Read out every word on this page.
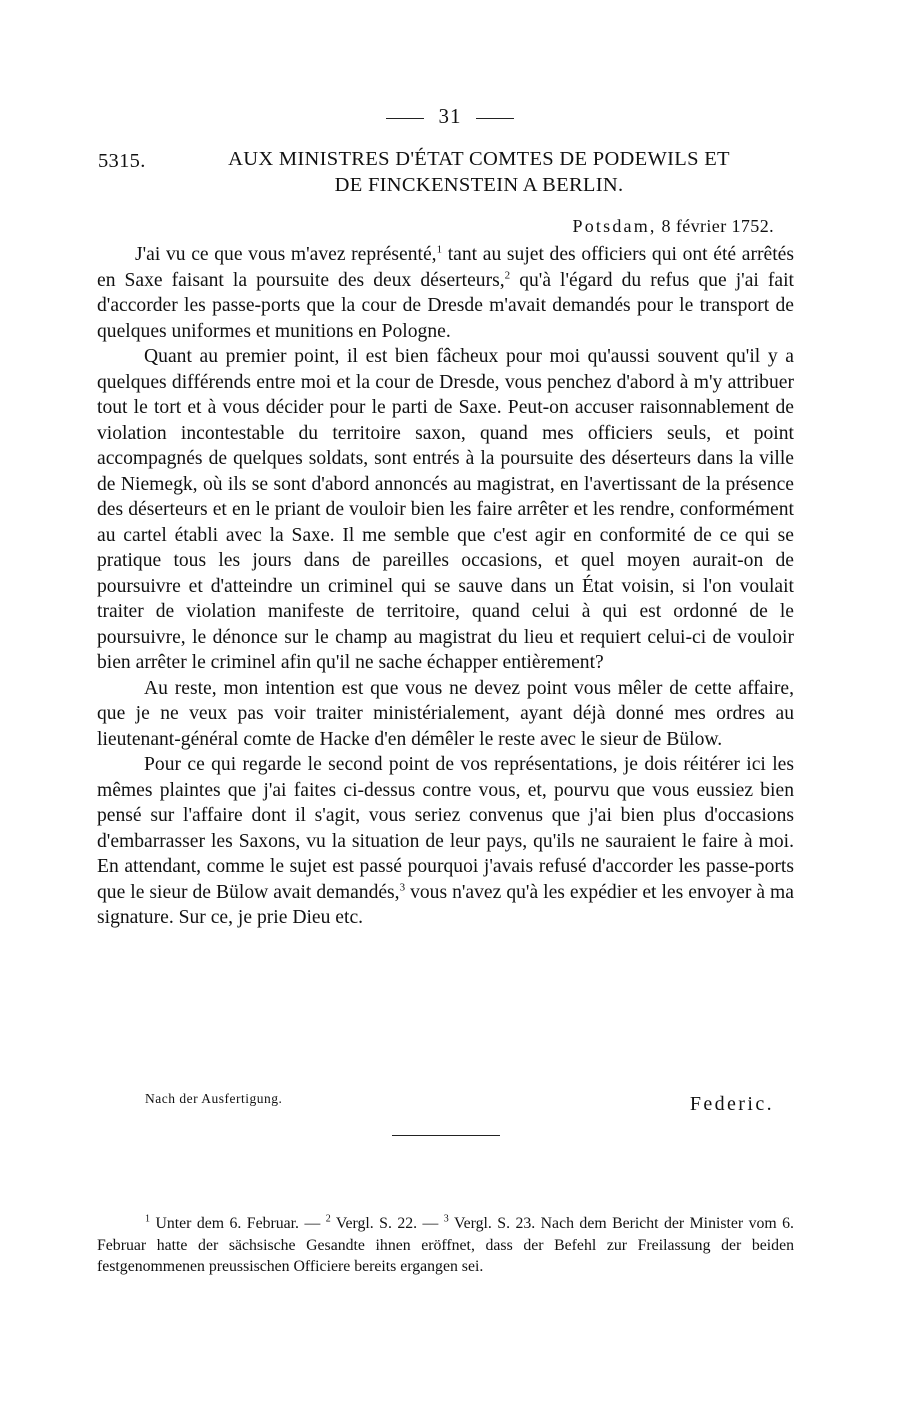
31
5315.	AUX MINISTRES D'ÉTAT COMTES DE PODEWILS ET
DE FINCKENSTEIN A BERLIN.
Potsdam, 8 février 1752.

J'ai vu ce que vous m'avez représenté,$^1$ tant au sujet des officiers qui ont été arrêtés en Saxe faisant la poursuite des deux déserteurs,$^2$ qu'à l'égard du refus que j'ai fait d'accorder les passe-ports que la cour de Dresde m'avait demandés pour le transport de quelques uniformes et munitions en Pologne.

Quant au premier point, il est bien fâcheux pour moi qu'aussi souvent qu'il y a quelques différends entre moi et la cour de Dresde, vous penchez d'abord à m'y attribuer tout le tort et à vous décider pour le parti de Saxe. Peut-on accuser raisonnablement de violation incontestable du territoire saxon, quand mes officiers seuls, et point accompagnés de quelques soldats, sont entrés à la poursuite des déserteurs dans la ville de Niemegk, où ils se sont d'abord annoncés au magistrat, en l'avertissant de la présence des déserteurs et en le priant de vouloir bien les faire arrêter et les rendre, conformément au cartel établi avec la Saxe. Il me semble que c'est agir en conformité de ce qui se pratique tous les jours dans de pareilles occasions, et quel moyen aurait-on de poursuivre et d'atteindre un criminel qui se sauve dans un État voisin, si l'on voulait traiter de violation manifeste de territoire, quand celui à qui est ordonné de le poursuivre, le dénonce sur le champ au magistrat du lieu et requiert celui-ci de vouloir bien arrêter le criminel afin qu'il ne sache échapper entièrement?

Au reste, mon intention est que vous ne devez point vous mêler de cette affaire, que je ne veux pas voir traiter ministérialement, ayant déjà donné mes ordres au lieutenant-général comte de Hacke d'en démêler le reste avec le sieur de Bülow.

Pour ce qui regarde le second point de vos représentations, je dois réitérer ici les mêmes plaintes que j'ai faites ci-dessus contre vous, et, pourvu que vous eussiez bien pensé sur l'affaire dont il s'agit, vous seriez convenus que j'ai bien plus d'occasions d'embarrasser les Saxons, vu la situation de leur pays, qu'ils ne sauraient le faire à moi. En attendant, comme le sujet est passé pourquoi j'avais refusé d'accorder les passe-ports que le sieur de Bülow avait demandés,$^3$ vous n'avez qu'à les expédier et les envoyer à ma signature. Sur ce, je prie Dieu etc.

Nach der Ausfertigung.	Federic.

$^1$ Unter dem 6. Februar. — $^2$ Vergl. S. 22. — $^3$ Vergl. S. 23. Nach dem Bericht der Minister vom 6. Februar hatte der sächsische Gesandte ihnen eröffnet, dass der Befehl zur Freilassung der beiden festgenommenen preussischen Officiere bereits ergangen sei.
